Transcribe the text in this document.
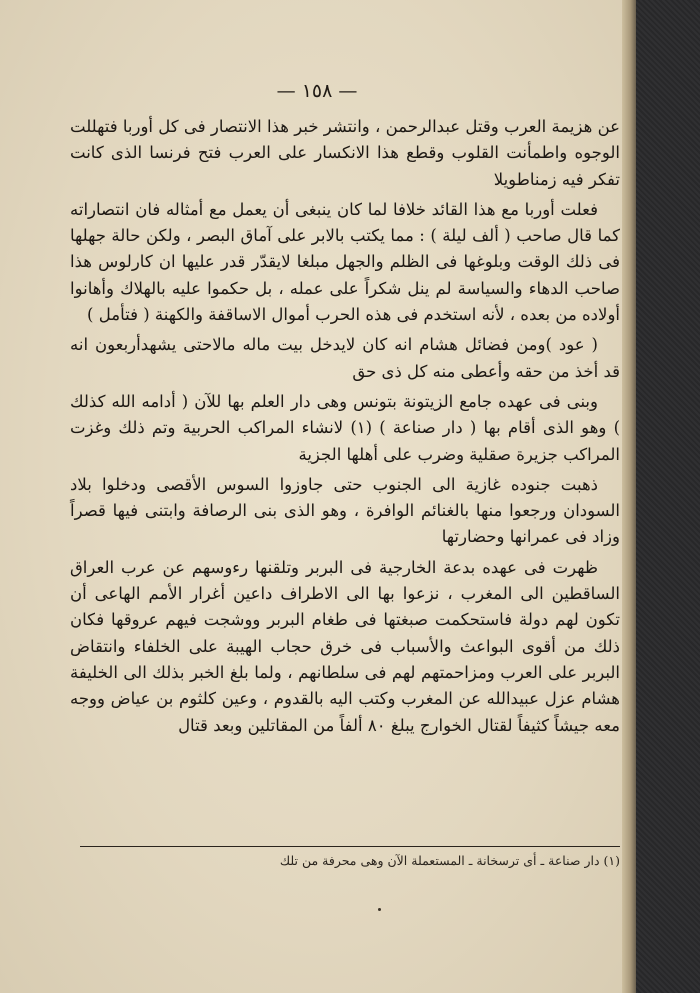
— ١٥٨ —

عن هزيمة العرب وقتل عبدالرحمن ، وانتشر خبر هذا الانتصار فى كل أوربا فتهللت الوجوه واطمأنت القلوب وقطع هذا الانكسار على العرب فتح فرنسا الذى كانت تفكر فيه زمناطويلا

فعلت أوربا مع هذا القائد خلافا لما كان ينبغى أن يعمل مع أمثاله فان انتصاراته كما قال صاحب ( ألف ليلة ) : مما يكتب بالابر على آماق البصر ، ولكن حالة جهلها فى ذلك الوقت وبلوغها فى الظلم والجهل مبلغا لايقدّر قدر عليها ان كارلوس هذا صاحب الدهاء والسياسة لم ينل شكراً على عمله ، بل حكموا عليه بالهلاك وأهانوا أولاده من بعده ، لأنه استخدم فى هذه الحرب أموال الاساقفة والكهنة ( فتأمل )

( عود )ومن فضائل هشام انه كان لايدخل بيت ماله مالاحتى يشهدأربعون انه قد أخذ من حقه وأعطى منه كل ذى حق

وبنى فى عهده جامع الزيتونة بتونس وهى دار العلم بها للآن ( أدامه الله كذلك ) وهو الذى أقام بها ( دار صناعة ) (١) لانشاء المراكب الحربية وتم ذلك وغزت المراكب جزيرة صقلية وضرب على أهلها الجزية

ذهبت جنوده غازية الى الجنوب حتى جاوزوا السوس الأقصى ودخلوا بلاد السودان ورجعوا منها بالغنائم الوافرة ، وهو الذى بنى الرصافة وابتنى فيها قصراً وزاد فى عمرانها وحضارتها

ظهرت فى عهده بدعة الخارجية فى البربر وتلقنها رءوسهم عن عرب العراق الساقطين الى المغرب ، نزعوا بها الى الاطراف داعين أغرار الأمم الهاعى أن تكون لهم دولة فاستحكمت صبغتها فى طغام البربر ووشجت فيهم عروقها فكان ذلك من أقوى البواعث والأسباب فى خرق حجاب الهيبة على الخلفاء وانتقاض البربر على العرب ومزاحمتهم لهم فى سلطانهم ، ولما بلغ الخبر بذلك الى الخليفة هشام عزل عبيدالله عن المغرب وكتب اليه بالقدوم ، وعين كلثوم بن عياض ووجه معه جيشاً كثيفاً لقتال الخوارج يبلغ ٨٠ ألفاً من المقاتلين وبعد قتال

(١) دار صناعة ـ أى ترسخانة ـ المستعملة الآن وهى محرفة من تلك
